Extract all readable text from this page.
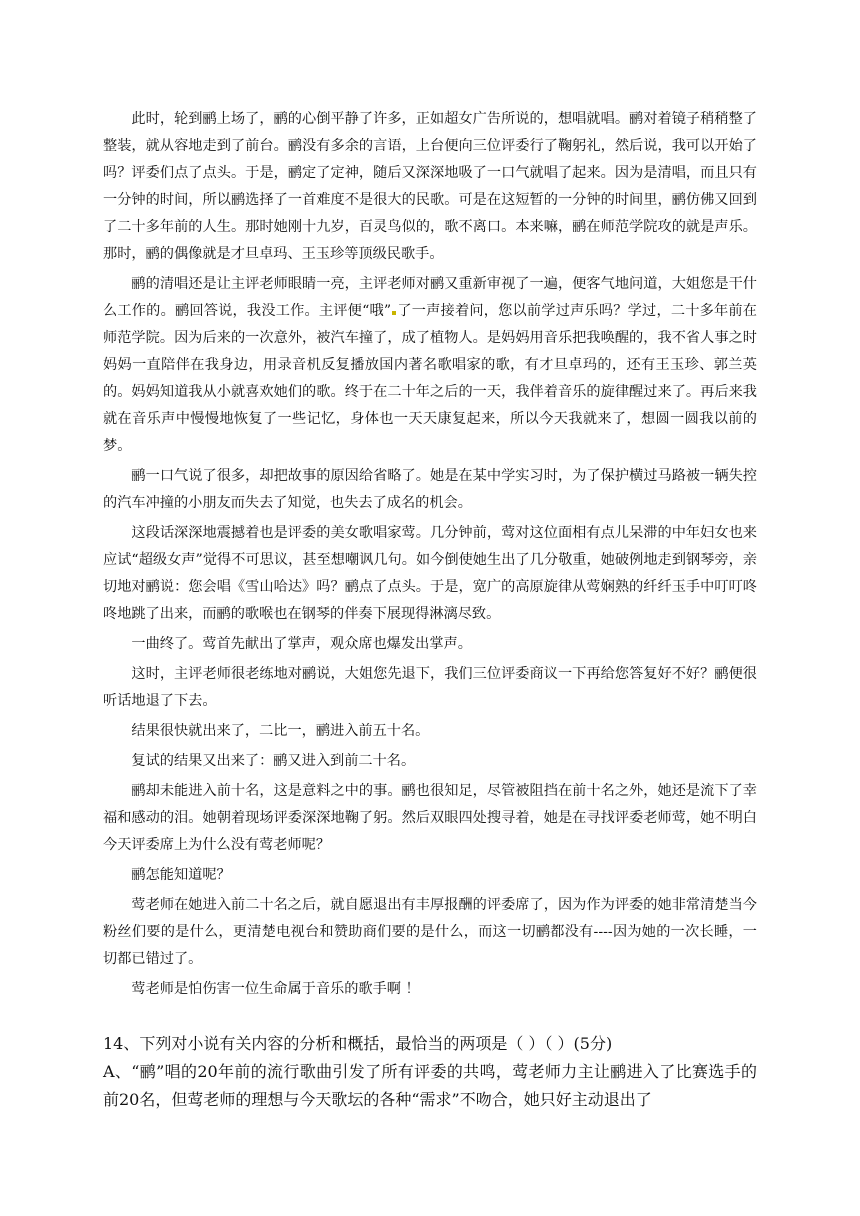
此时，轮到鹂上场了，鹂的心倒平静了许多，正如超女广告所说的，想唱就唱。鹂对着镜子稍稍整了整装，就从容地走到了前台。鹂没有多余的言语，上台便向三位评委行了鞠躬礼，然后说，我可以开始了吗？评委们点了点头。于是，鹂定了定神，随后又深深地吸了一口气就唱了起来。因为是清唱，而且只有一分钟的时间，所以鹂选择了一首难度不是很大的民歌。可是在这短暂的一分钟的时间里，鹂仿佛又回到了二十多年前的人生。那时她刚十九岁，百灵鸟似的，歌不离口。本来嘛，鹂在师范学院攻的就是声乐。那时，鹂的偶像就是才旦卓玛、王玉珍等顶级民歌手。

鹂的清唱还是让主评老师眼睛一亮，主评老师对鹂又重新审视了一遍，便客气地问道，大姐您是干什么工作的。鹂回答说，我没工作。主评便“哦” 了一声接着问，您以前学过声乐吗？学过，二十多年前在师范学院。因为后来的一次意外，被汽车撞了，成了植物人。是妈妈用音乐把我唤醒的，我不省人事之时妈妈一直陪伴在我身边，用录音机反复播放国内著名歌唱家的歌，有才旦卓玛的，还有王玉珍、郭兰英的。妈妈知道我从小就喜欢她们的歌。终于在二十年之后的一天，我伴着音乐的旋律醒过来了。再后来我就在音乐声中慢慢地恢复了一些记忆，身体也一天天康复起来，所以今天我就来了，想圆一圆我以前的梦。

鹂一口气说了很多，却把故事的原因给省略了。她是在某中学实习时，为了保护横过马路被一辆失控的汽车冲撞的小朋友而失去了知觉，也失去了成名的机会。

这段话深深地震撼着也是评委的美女歌唱家莺。几分钟前，莺对这位面相有点儿呆滞的中年妇女也来应试“超级女声”觉得不可思议，甚至想嘲讽几句。如今倒使她生出了几分敬重，她破例地走到钢琴旁，亲切地对鹂说：您会唱《雪山哈达》吗？鹂点了点头。于是，宽广的高原旋律从莺娴熟的纤纤玉手中叮叮咚咚地跳了出来，而鹂的歌喉也在钢琴的伴奏下展现得淋漓尽致。

一曲终了。莺首先献出了掌声，观众席也爆发出掌声。

这时，主评老师很老练地对鹂说，大姐您先退下，我们三位评委商议一下再给您答复好不好？鹂便很听话地退了下去。

结果很快就出来了，二比一，鹂进入前五十名。

复试的结果又出来了：鹂又进入到前二十名。

鹂却未能进入前十名，这是意料之中的事。鹂也很知足，尽管被阻挡在前十名之外，她还是流下了幸福和感动的泪。她朝着现场评委深深地鞠了躬。然后双眼四处搜寻着，她是在寻找评委老师莺，她不明白今天评委席上为什么没有莺老师呢？

鹂怎能知道呢？

莺老师在她进入前二十名之后，就自愿退出有丰厚报酬的评委席了，因为作为评委的她非常清楚当今粉丝们要的是什么，更清楚电视台和赞助商们要的是什么，而这一切鹂都没有----因为她的一次长睡，一切都已错过了。

莺老师是怕伤害一位生命属于音乐的歌手啊 ！

14、下列对小说有关内容的分析和概括，最恰当的两项是（ ）（ ）(5分)

A、“鹂”唱的20年前的流行歌曲引发了所有评委的共鸣，莺老师力主让鹂进入了比赛选手的前20名，但莺老师的理想与今天歌坛的各种“需求”不吻合，她只好主动退出了
